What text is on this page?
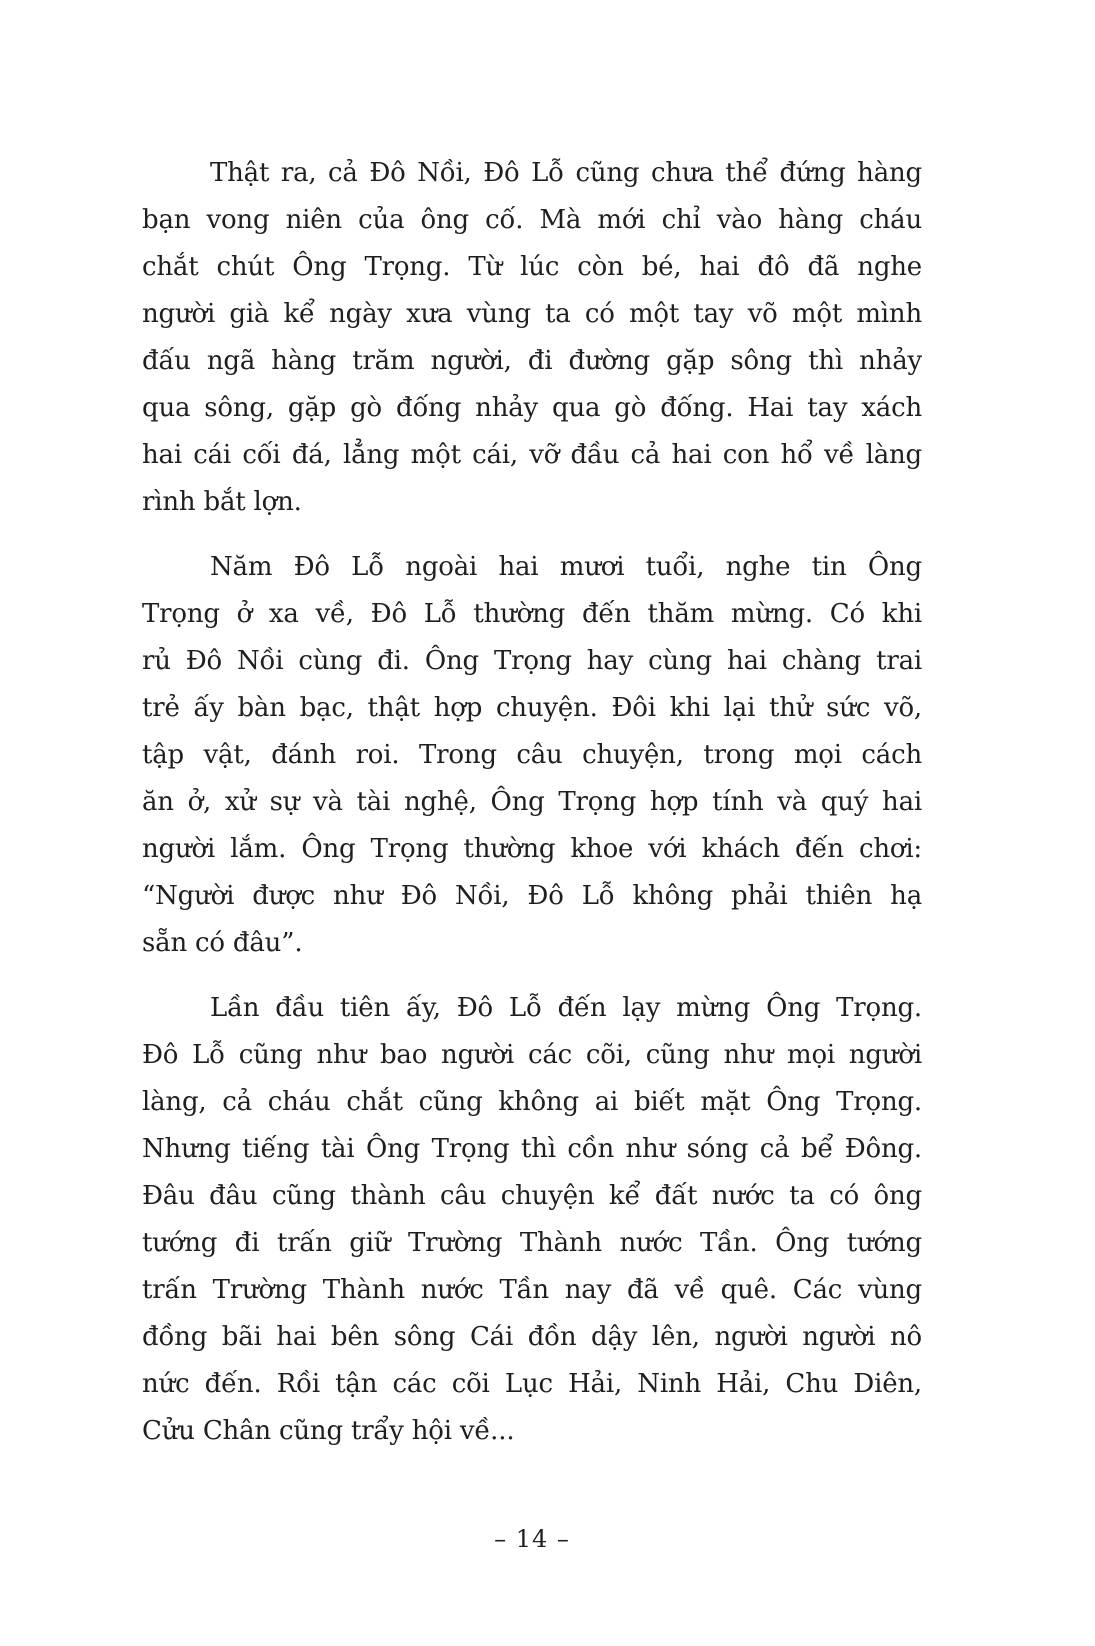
Thật ra, cả Đô Nồi, Đô Lỗ cũng chưa thể đứng hàng
bạn vong niên của ông cố. Mà mới chỉ vào hàng cháu
chắt chút Ông Trọng. Từ lúc còn bé, hai đô đã nghe
người già kể ngày xưa vùng ta có một tay võ một mình
đấu ngã hàng trăm người, đi đường gặp sông thì nhảy
qua sông, gặp gò đống nhảy qua gò đống. Hai tay xách
hai cái cối đá, lẳng một cái, vỡ đầu cả hai con hổ về làng
rình bắt lợn.
Năm Đô Lỗ ngoài hai mươi tuổi, nghe tin Ông
Trọng ở xa về, Đô Lỗ thường đến thăm mừng. Có khi
rủ Đô Nồi cùng đi. Ông Trọng hay cùng hai chàng trai
trẻ ấy bàn bạc, thật hợp chuyện. Đôi khi lại thử sức võ,
tập vật, đánh roi. Trong câu chuyện, trong mọi cách
ăn ở, xử sự và tài nghệ, Ông Trọng hợp tính và quý hai
người lắm. Ông Trọng thường khoe với khách đến chơi:
“Người được như Đô Nồi, Đô Lỗ không phải thiên hạ
sẵn có đâu”.
Lần đầu tiên ấy, Đô Lỗ đến lạy mừng Ông Trọng.
Đô Lỗ cũng như bao người các cõi, cũng như mọi người
làng, cả cháu chắt cũng không ai biết mặt Ông Trọng.
Nhưng tiếng tài Ông Trọng thì cồn như sóng cả bể Đông.
Đâu đâu cũng thành câu chuyện kể đất nước ta có ông
tướng đi trấn giữ Trường Thành nước Tần. Ông tướng
trấn Trường Thành nước Tần nay đã về quê. Các vùng
đồng bãi hai bên sông Cái đồn dậy lên, người người nô
nức đến. Rồi tận các cõi Lục Hải, Ninh Hải, Chu Diên,
Cửu Chân cũng trẩy hội về...
– 14 –
